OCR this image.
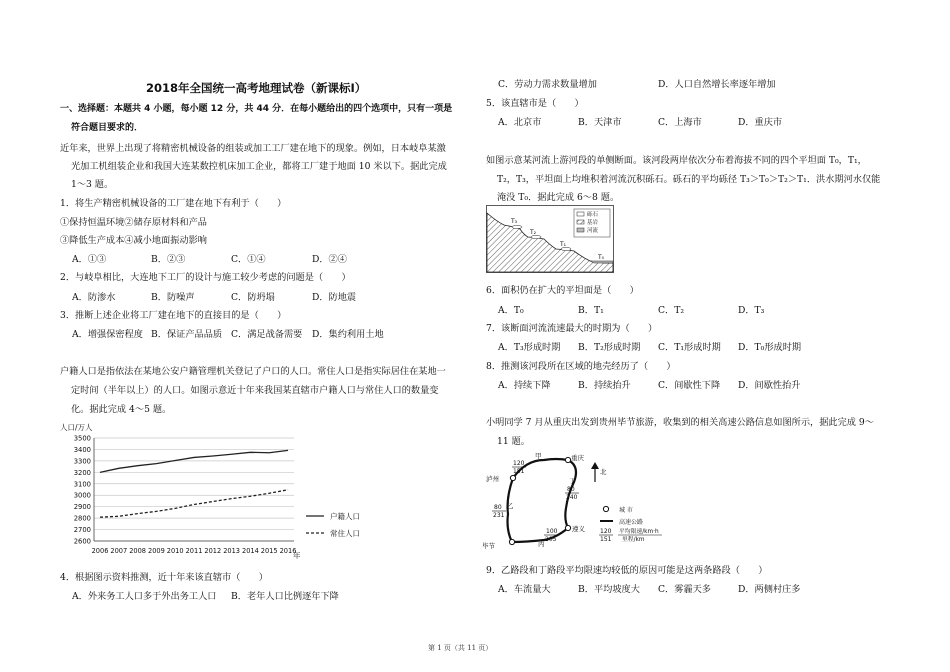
2018年全国统一高考地理试卷（新课标Ⅰ）
一、选择题：本题共 4 小题，每小题 12 分，共 44 分．在每小题给出的四个选项中，只有一项是
符合题目要求的．
近年来，世界上出现了将精密机械设备的组装或加工工厂建在地下的现象。例如，日本岐阜某激
光加工机组装企业和我国大连某数控机床加工企业，都将工厂建于地面 10 米以下。据此完成
1～3 题。
1．将生产精密机械设备的工厂建在地下有利于（　　）
①保持恒温环境②储存原材料和产品
③降低生产成本④减小地面振动影响
A．①③	B．②③	C．①④	D．②④
2．与岐阜相比，大连地下工厂的设计与施工较少考虑的问题是（　　）
A．防渗水	B．防噪声	C．防坍塌	D．防地震
3．推断上述企业将工厂建在地下的直接目的是（　　）
A．增强保密程度 B．保证产品品质 C．满足战备需要 D．集约利用土地
户籍人口是指依法在某地公安户籍管理机关登记了户口的人口。常住人口是指实际居住在某地一
定时间（半年以上）的人口。如图示意近十年来我国某直辖市户籍人口与常住人口的数量变
化。据此完成 4～5 题。
人口/万人
2600
2700
2800
2900
3000
3100
3200
3300
3400
3500
2006 2007 2008 2009 2010 2011 2012 2013 2014 2015 2016
年
户籍人口
常住人口
4．根据图示资料推测，近十年来该直辖市（　　）
A．外来务工人口多于外出务工人口 B．老年人口比例逐年下降
C．劳动力需求数量增加	D．人口自然增长率逐年增加
5．该直辖市是（　　）
A．北京市	B．天津市	C．上海市	D．重庆市
如图示意某河流上游河段的单侧断面。该河段两岸依次分布着海拔不同的四个平坦面 T₀，T₁，
T₂，T₃，平坦面上均堆积着河流沉积砾石。砾石的平均砾径 T₃＞T₀＞T₂＞T₁．洪水期河水仅能
淹没 T₀．据此完成 6～8 题。
T₃
T₂
T₁
T₀
砾石
基岩
河流
6．面积仍在扩大的平坦面是（　　）
A．T₀	B．T₁	C．T₂	D．T₃
7．该断面河流流速最大的时期为（　　）
A．T₃形成时期 B．T₂形成时期 C．T₁形成时期 D．T₀形成时期
8．推测该河段所在区域的地壳经历了（　　）
A．持续下降	B．持续抬升	C．间歇性下降 D．间歇性抬升
小明同学 7 月从重庆出发到贵州毕节旅游，收集到的相关高速公路信息如图所示，据此完成 9～
11 题。
重庆
泸州
遵义
毕节
甲
乙
丙
丁
120
151
80
240
80
231
100
205
北
城 市
高速公路
120
151
平均限速/km·h
里程/km
9．乙路段和丁路段平均限速均较低的原因可能是这两条路段（　　）
A．车流量大	B．平均坡度大 C．雾霾天多	D．两侧村庄多
第 1 页（共 11 页）
